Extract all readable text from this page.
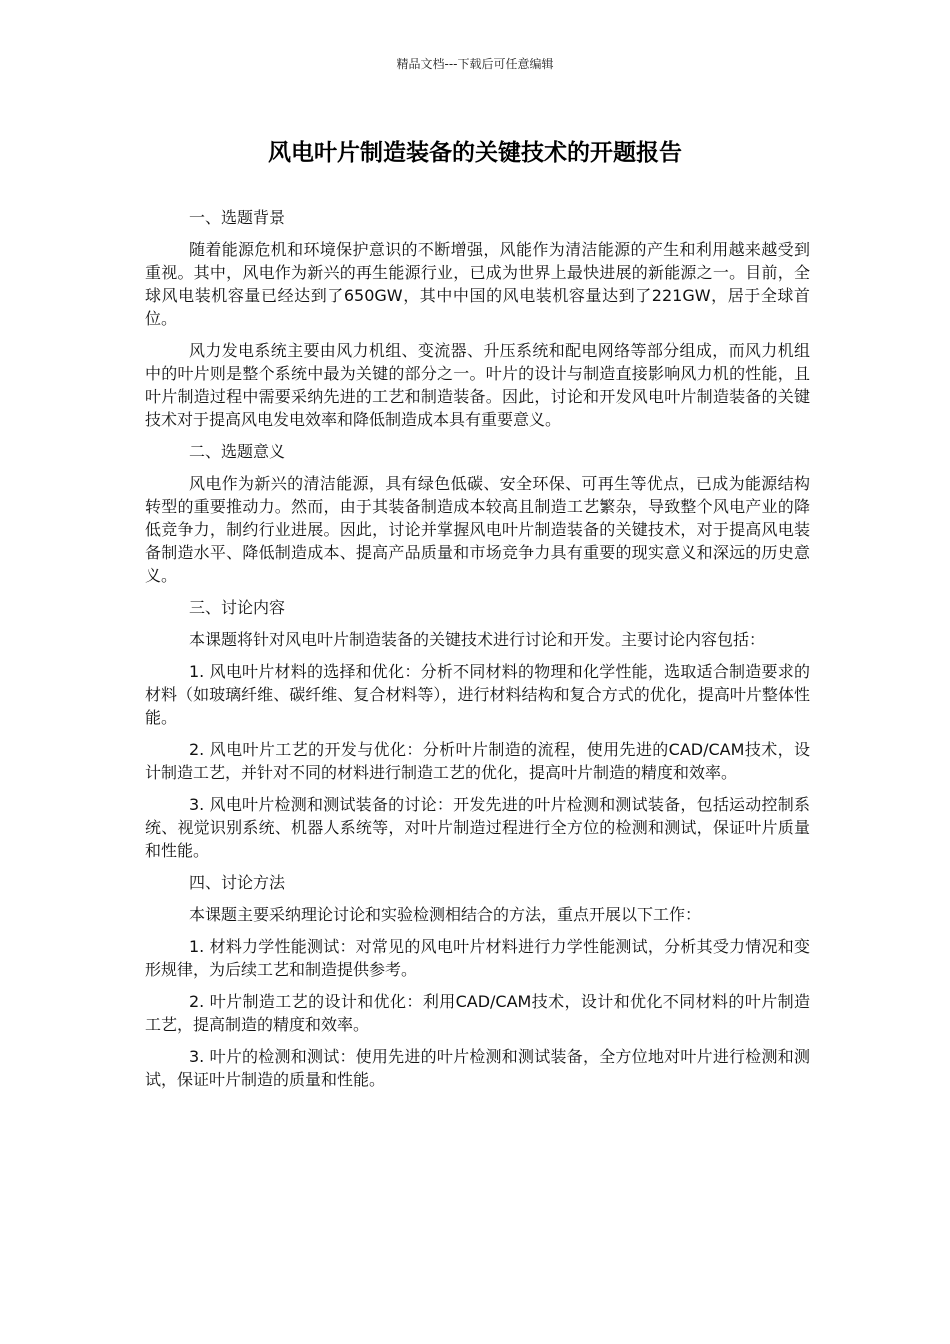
精品文档---下载后可任意编辑
风电叶片制造装备的关键技术的开题报告

一、选题背景

随着能源危机和环境保护意识的不断增强，风能作为清洁能源的产生和利用越来越受到重视。其中，风电作为新兴的再生能源行业，已成为世界上最快进展的新能源之一。目前，全球风电装机容量已经达到了650GW，其中中国的风电装机容量达到了221GW，居于全球首位。

风力发电系统主要由风力机组、变流器、升压系统和配电网络等部分组成，而风力机组中的叶片则是整个系统中最为关键的部分之一。叶片的设计与制造直接影响风力机的性能，且叶片制造过程中需要采纳先进的工艺和制造装备。因此，讨论和开发风电叶片制造装备的关键技术对于提高风电发电效率和降低制造成本具有重要意义。

二、选题意义

风电作为新兴的清洁能源，具有绿色低碳、安全环保、可再生等优点，已成为能源结构转型的重要推动力。然而，由于其装备制造成本较高且制造工艺繁杂，导致整个风电产业的降低竞争力，制约行业进展。因此，讨论并掌握风电叶片制造装备的关键技术，对于提高风电装备制造水平、降低制造成本、提高产品质量和市场竞争力具有重要的现实意义和深远的历史意义。

三、讨论内容

本课题将针对风电叶片制造装备的关键技术进行讨论和开发。主要讨论内容包括：

1. 风电叶片材料的选择和优化：分析不同材料的物理和化学性能，选取适合制造要求的材料（如玻璃纤维、碳纤维、复合材料等），进行材料结构和复合方式的优化，提高叶片整体性能。

2. 风电叶片工艺的开发与优化：分析叶片制造的流程，使用先进的CAD/CAM技术，设计制造工艺，并针对不同的材料进行制造工艺的优化，提高叶片制造的精度和效率。

3. 风电叶片检测和测试装备的讨论：开发先进的叶片检测和测试装备，包括运动控制系统、视觉识别系统、机器人系统等，对叶片制造过程进行全方位的检测和测试，保证叶片质量和性能。

四、讨论方法

本课题主要采纳理论讨论和实验检测相结合的方法，重点开展以下工作：

1. 材料力学性能测试：对常见的风电叶片材料进行力学性能测试，分析其受力情况和变形规律，为后续工艺和制造提供参考。

2. 叶片制造工艺的设计和优化：利用CAD/CAM技术，设计和优化不同材料的叶片制造工艺，提高制造的精度和效率。

3. 叶片的检测和测试：使用先进的叶片检测和测试装备，全方位地对叶片进行检测和测试，保证叶片制造的质量和性能。
